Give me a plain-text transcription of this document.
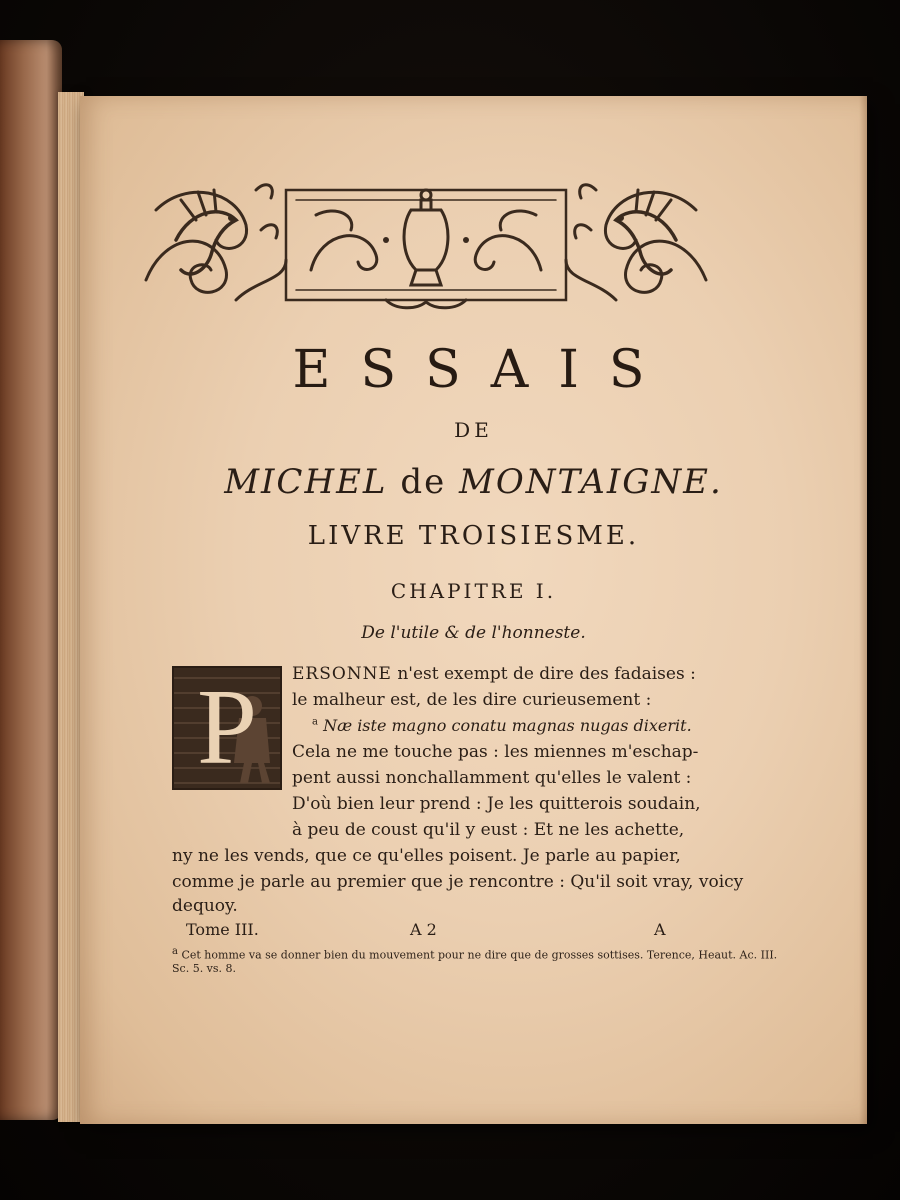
ESSAIS
DE
MICHEL de MONTAIGNE.
LIVRE TROISIESME.
CHAPITRE I.
De l'utile & de l'honneste.
P	ERSONNE n'est exempt de dire des fadaises :
le malheur est, de les dire curieusement :
$^a$ Næ iste magno conatu magnas nugas dixerit.
Cela ne me touche pas : les miennes m'eschap-
pent aussi nonchallamment qu'elles le valent :
D'où bien leur prend : Je les quitterois soudain,
à peu de coust qu'il y eust : Et ne les achette,
ny ne les vends, que ce qu'elles poisent. Je parle au papier,
comme je parle au premier que je rencontre : Qu'il soit vray, voicy
dequoy.
Tome III.	A 2	A
a Cet homme va se donner bien du mouvement pour ne dire que de grosses sottises. Terence, Heaut. Ac. III.
Sc. 5. vs. 8.
